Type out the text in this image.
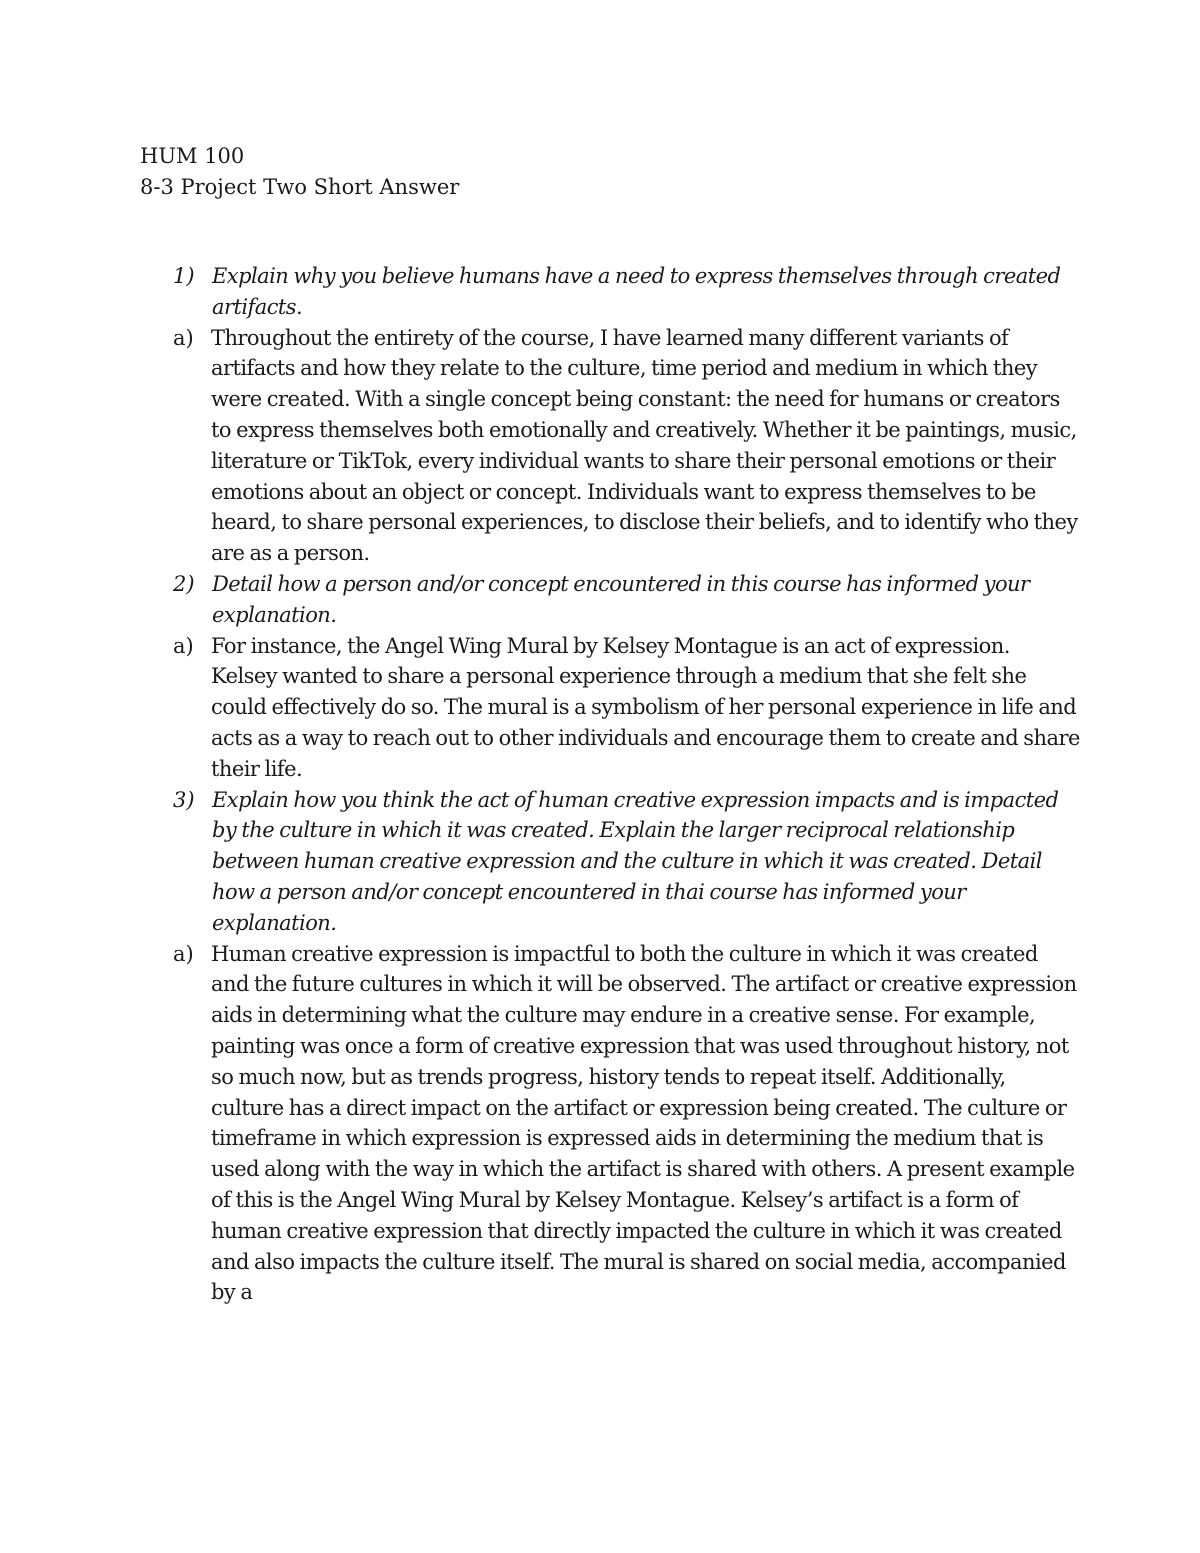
HUM 100
8-3 Project Two Short Answer
1) Explain why you believe humans have a need to express themselves through created artifacts.
a) Throughout the entirety of the course, I have learned many different variants of artifacts and how they relate to the culture, time period and medium in which they were created. With a single concept being constant: the need for humans or creators to express themselves both emotionally and creatively. Whether it be paintings, music, literature or TikTok, every individual wants to share their personal emotions or their emotions about an object or concept. Individuals want to express themselves to be heard, to share personal experiences, to disclose their beliefs, and to identify who they are as a person.
2) Detail how a person and/or concept encountered in this course has informed your explanation.
a) For instance, the Angel Wing Mural by Kelsey Montague is an act of expression. Kelsey wanted to share a personal experience through a medium that she felt she could effectively do so. The mural is a symbolism of her personal experience in life and acts as a way to reach out to other individuals and encourage them to create and share their life.
3) Explain how you think the act of human creative expression impacts and is impacted by the culture in which it was created. Explain the larger reciprocal relationship between human creative expression and the culture in which it was created. Detail how a person and/or concept encountered in thai course has informed your explanation.
a) Human creative expression is impactful to both the culture in which it was created and the future cultures in which it will be observed. The artifact or creative expression aids in determining what the culture may endure in a creative sense. For example, painting was once a form of creative expression that was used throughout history, not so much now, but as trends progress, history tends to repeat itself. Additionally, culture has a direct impact on the artifact or expression being created. The culture or timeframe in which expression is expressed aids in determining the medium that is used along with the way in which the artifact is shared with others. A present example of this is the Angel Wing Mural by Kelsey Montague. Kelsey’s artifact is a form of human creative expression that directly impacted the culture in which it was created and also impacts the culture itself. The mural is shared on social media, accompanied by a
